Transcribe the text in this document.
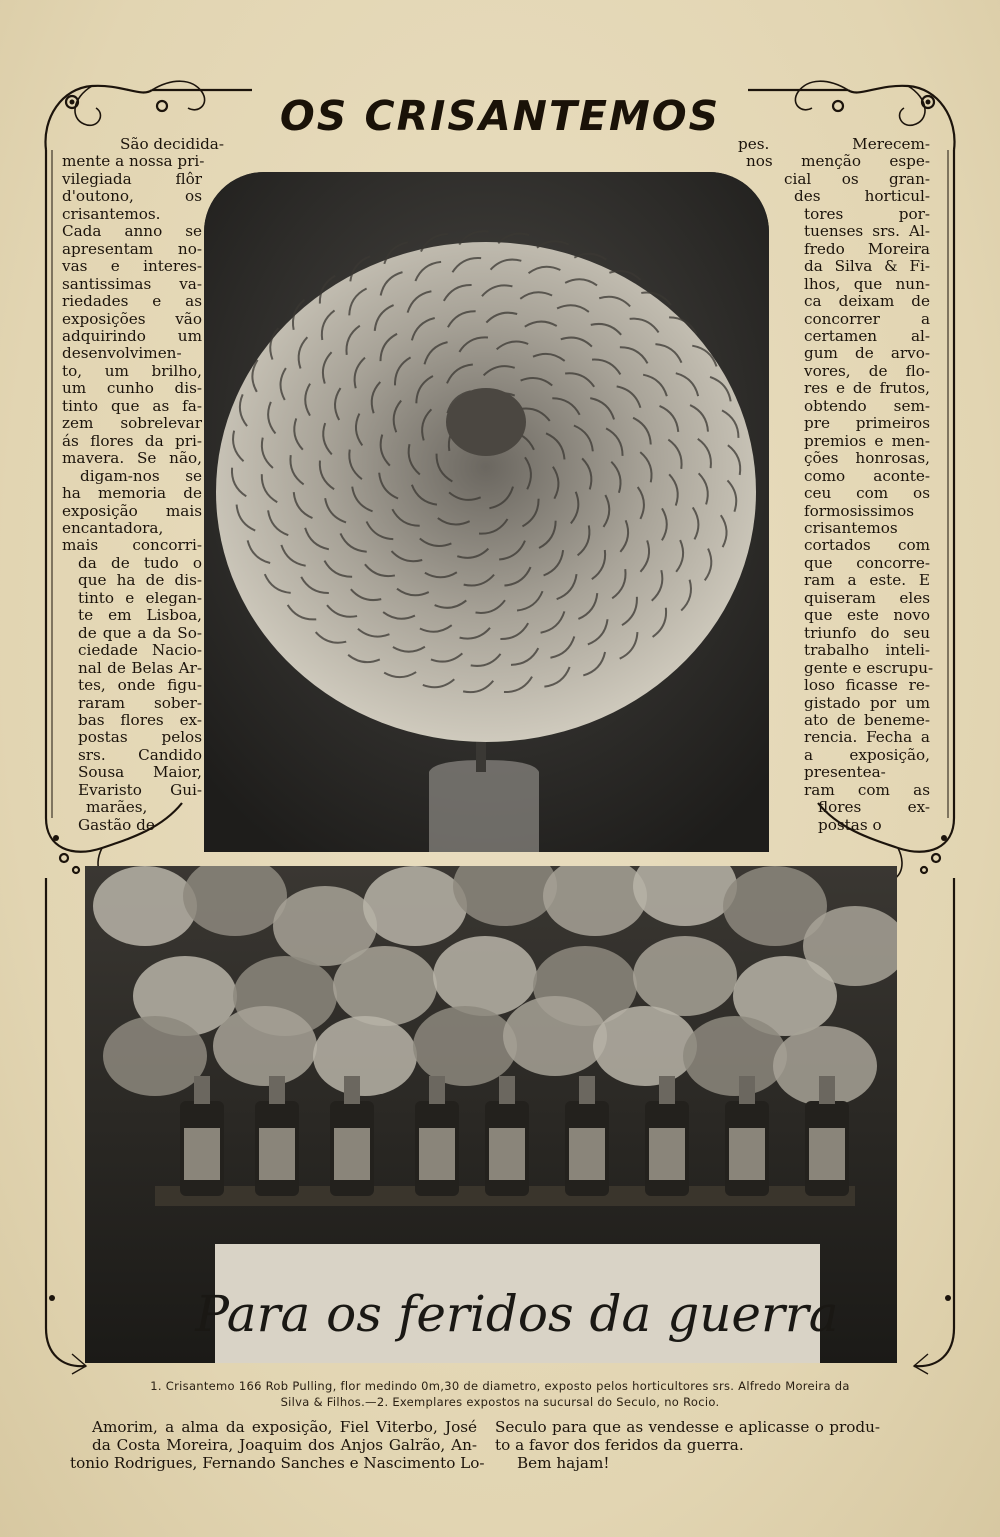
OS CRISANTEMOS
São decidida-
mente a nossa pri-
vilegiada flôr
d'outono, os
crisantemos.
Cada anno se
apresentam no-
vas e interes-
santissimas va-
riedades e as
exposições vão
adquirindo um
desenvolvimen-
to, um brilho,
um cunho dis-
tinto que as fa-
zem sobrelevar
ás flores da pri-
mavera. Se não,
digam-nos se
ha memoria de
exposição mais
encantadora,
mais concorri-
da de tudo o
que ha de dis-
tinto e elegan-
te em Lisboa,
de que a da So-
ciedade Nacio-
nal de Belas Ar-
tes, onde figu-
raram sober-
bas flores ex-
postas pelos
srs. Candido
Sousa Maior,
Evaristo Gui-
marães,
Gastão de
pes. Merecem-
nos menção espe-
cial os gran-
des horticul-
tores por-
tuenses srs. Al-
fredo Moreira
da Silva & Fi-
lhos, que nun-
ca deixam de
concorrer a
certamen al-
gum de arvo-
vores, de flo-
res e de frutos,
obtendo sem-
pre primeiros
premios e men-
ções honrosas,
como aconte-
ceu com os
formosissimos
crisantemos
cortados com
que concorre-
ram a este. E
quiseram eles
que este novo
triunfo do seu
trabalho inteli-
gente e escrupu-
loso ficasse re-
gistado por um
ato de beneme-
rencia. Fecha a
a exposição,
presentea-
ram com as
flores ex-
postas o
Para os feridos da guerra
1. Crisantemo 166 Rob Pulling, flor medindo 0m,30 de diametro, exposto pelos horticultores srs. Alfredo Moreira da
Silva & Filhos.—2. Exemplares expostos na sucursal do Seculo, no Rocio.
Amorim, a alma da exposição, Fiel Viterbo, José
da Costa Moreira, Joaquim dos Anjos Galrão, An-
tonio Rodrigues, Fernando Sanches e Nascimento Lo-
Seculo para que as vendesse e aplicasse o produ-
to a favor dos feridos da guerra.
Bem hajam!
